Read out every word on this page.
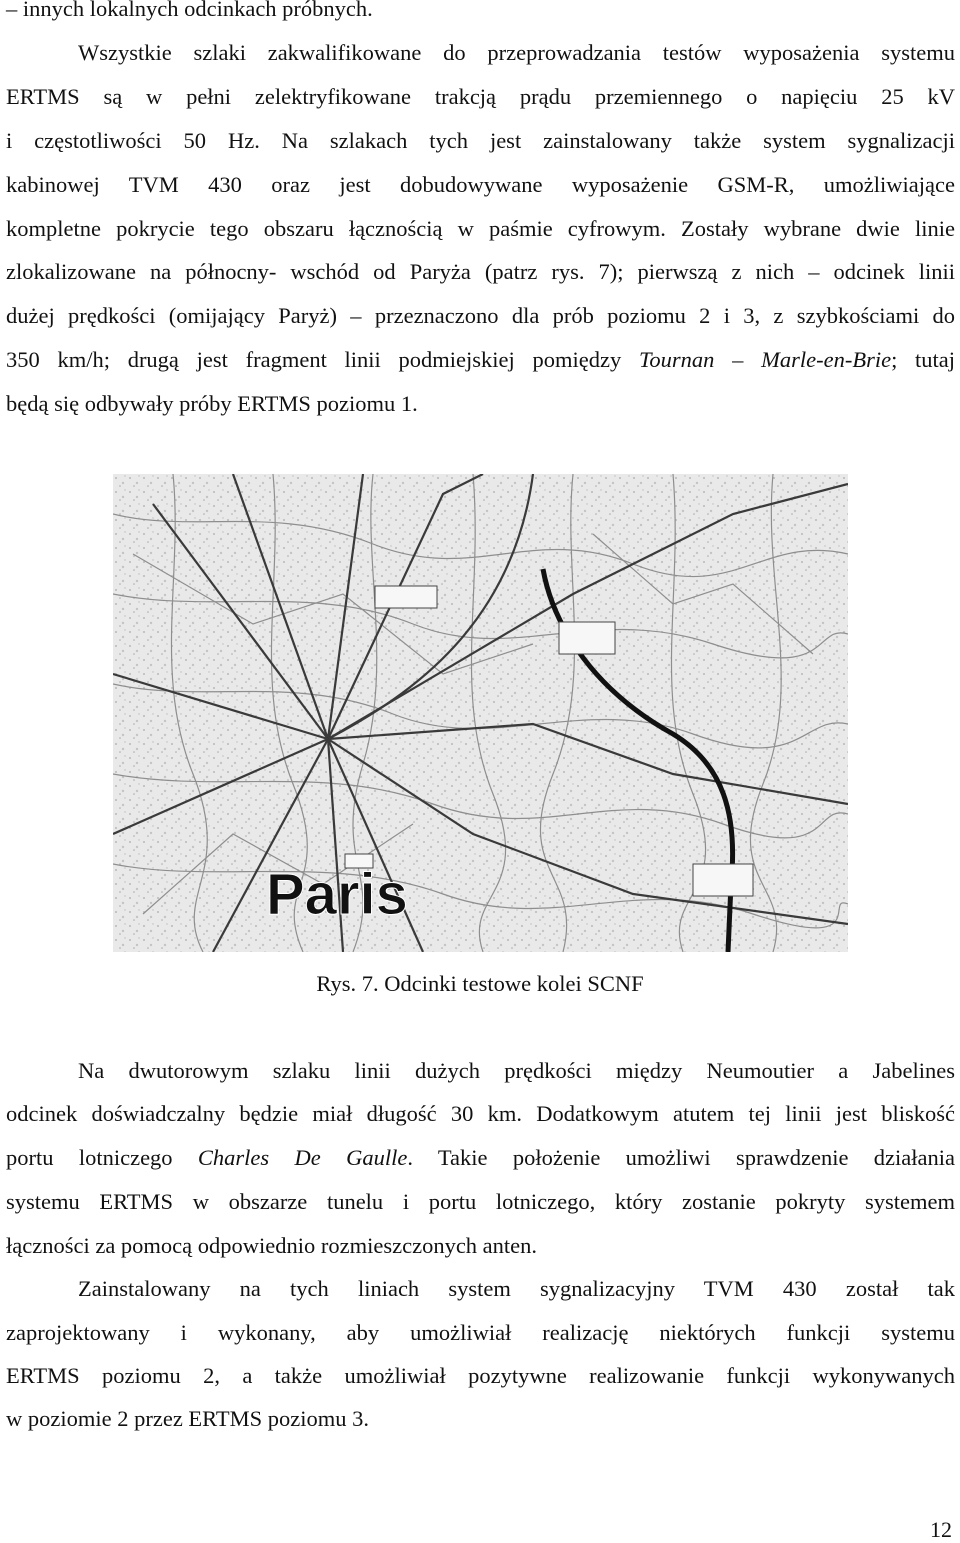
– innych lokalnych odcinkach próbnych.
Wszystkie szlaki zakwalifikowane do przeprowadzania testów wyposażenia systemu
ERTMS są w pełni zelektryfikowane trakcją prądu przemiennego o napięciu 25 kV
i częstotliwości 50 Hz. Na szlakach tych jest zainstalowany także system sygnalizacji
kabinowej TVM 430 oraz jest dobudowywane wyposażenie GSM-R, umożliwiające
kompletne pokrycie tego obszaru łącznością w paśmie cyfrowym. Zostały wybrane dwie linie
zlokalizowane na północny- wschód od Paryża (patrz rys. 7); pierwszą z nich – odcinek linii
dużej prędkości (omijający Paryż) – przeznaczono dla prób poziomu 2 i 3, z szybkościami do
350 km/h; drugą jest fragment linii podmiejskiej pomiędzy Tournan – Marle-en-Brie; tutaj
będą się odbywały próby ERTMS poziomu 1.
Paris
Rys. 7. Odcinki testowe kolei SCNF
Na dwutorowym szlaku linii dużych prędkości między Neumoutier a Jabelines
odcinek doświadczalny będzie miał długość 30 km. Dodatkowym atutem tej linii jest bliskość
portu lotniczego Charles De Gaulle. Takie położenie umożliwi sprawdzenie działania
systemu ERTMS w obszarze tunelu i portu lotniczego, który zostanie pokryty systemem
łączności za pomocą odpowiednio rozmieszczonych anten.
Zainstalowany na tych liniach system sygnalizacyjny TVM 430 został tak
zaprojektowany i wykonany, aby umożliwiał realizację niektórych funkcji systemu
ERTMS poziomu 2, a także umożliwiał pozytywne realizowanie funkcji wykonywanych
w poziomie 2 przez ERTMS poziomu 3.
12
